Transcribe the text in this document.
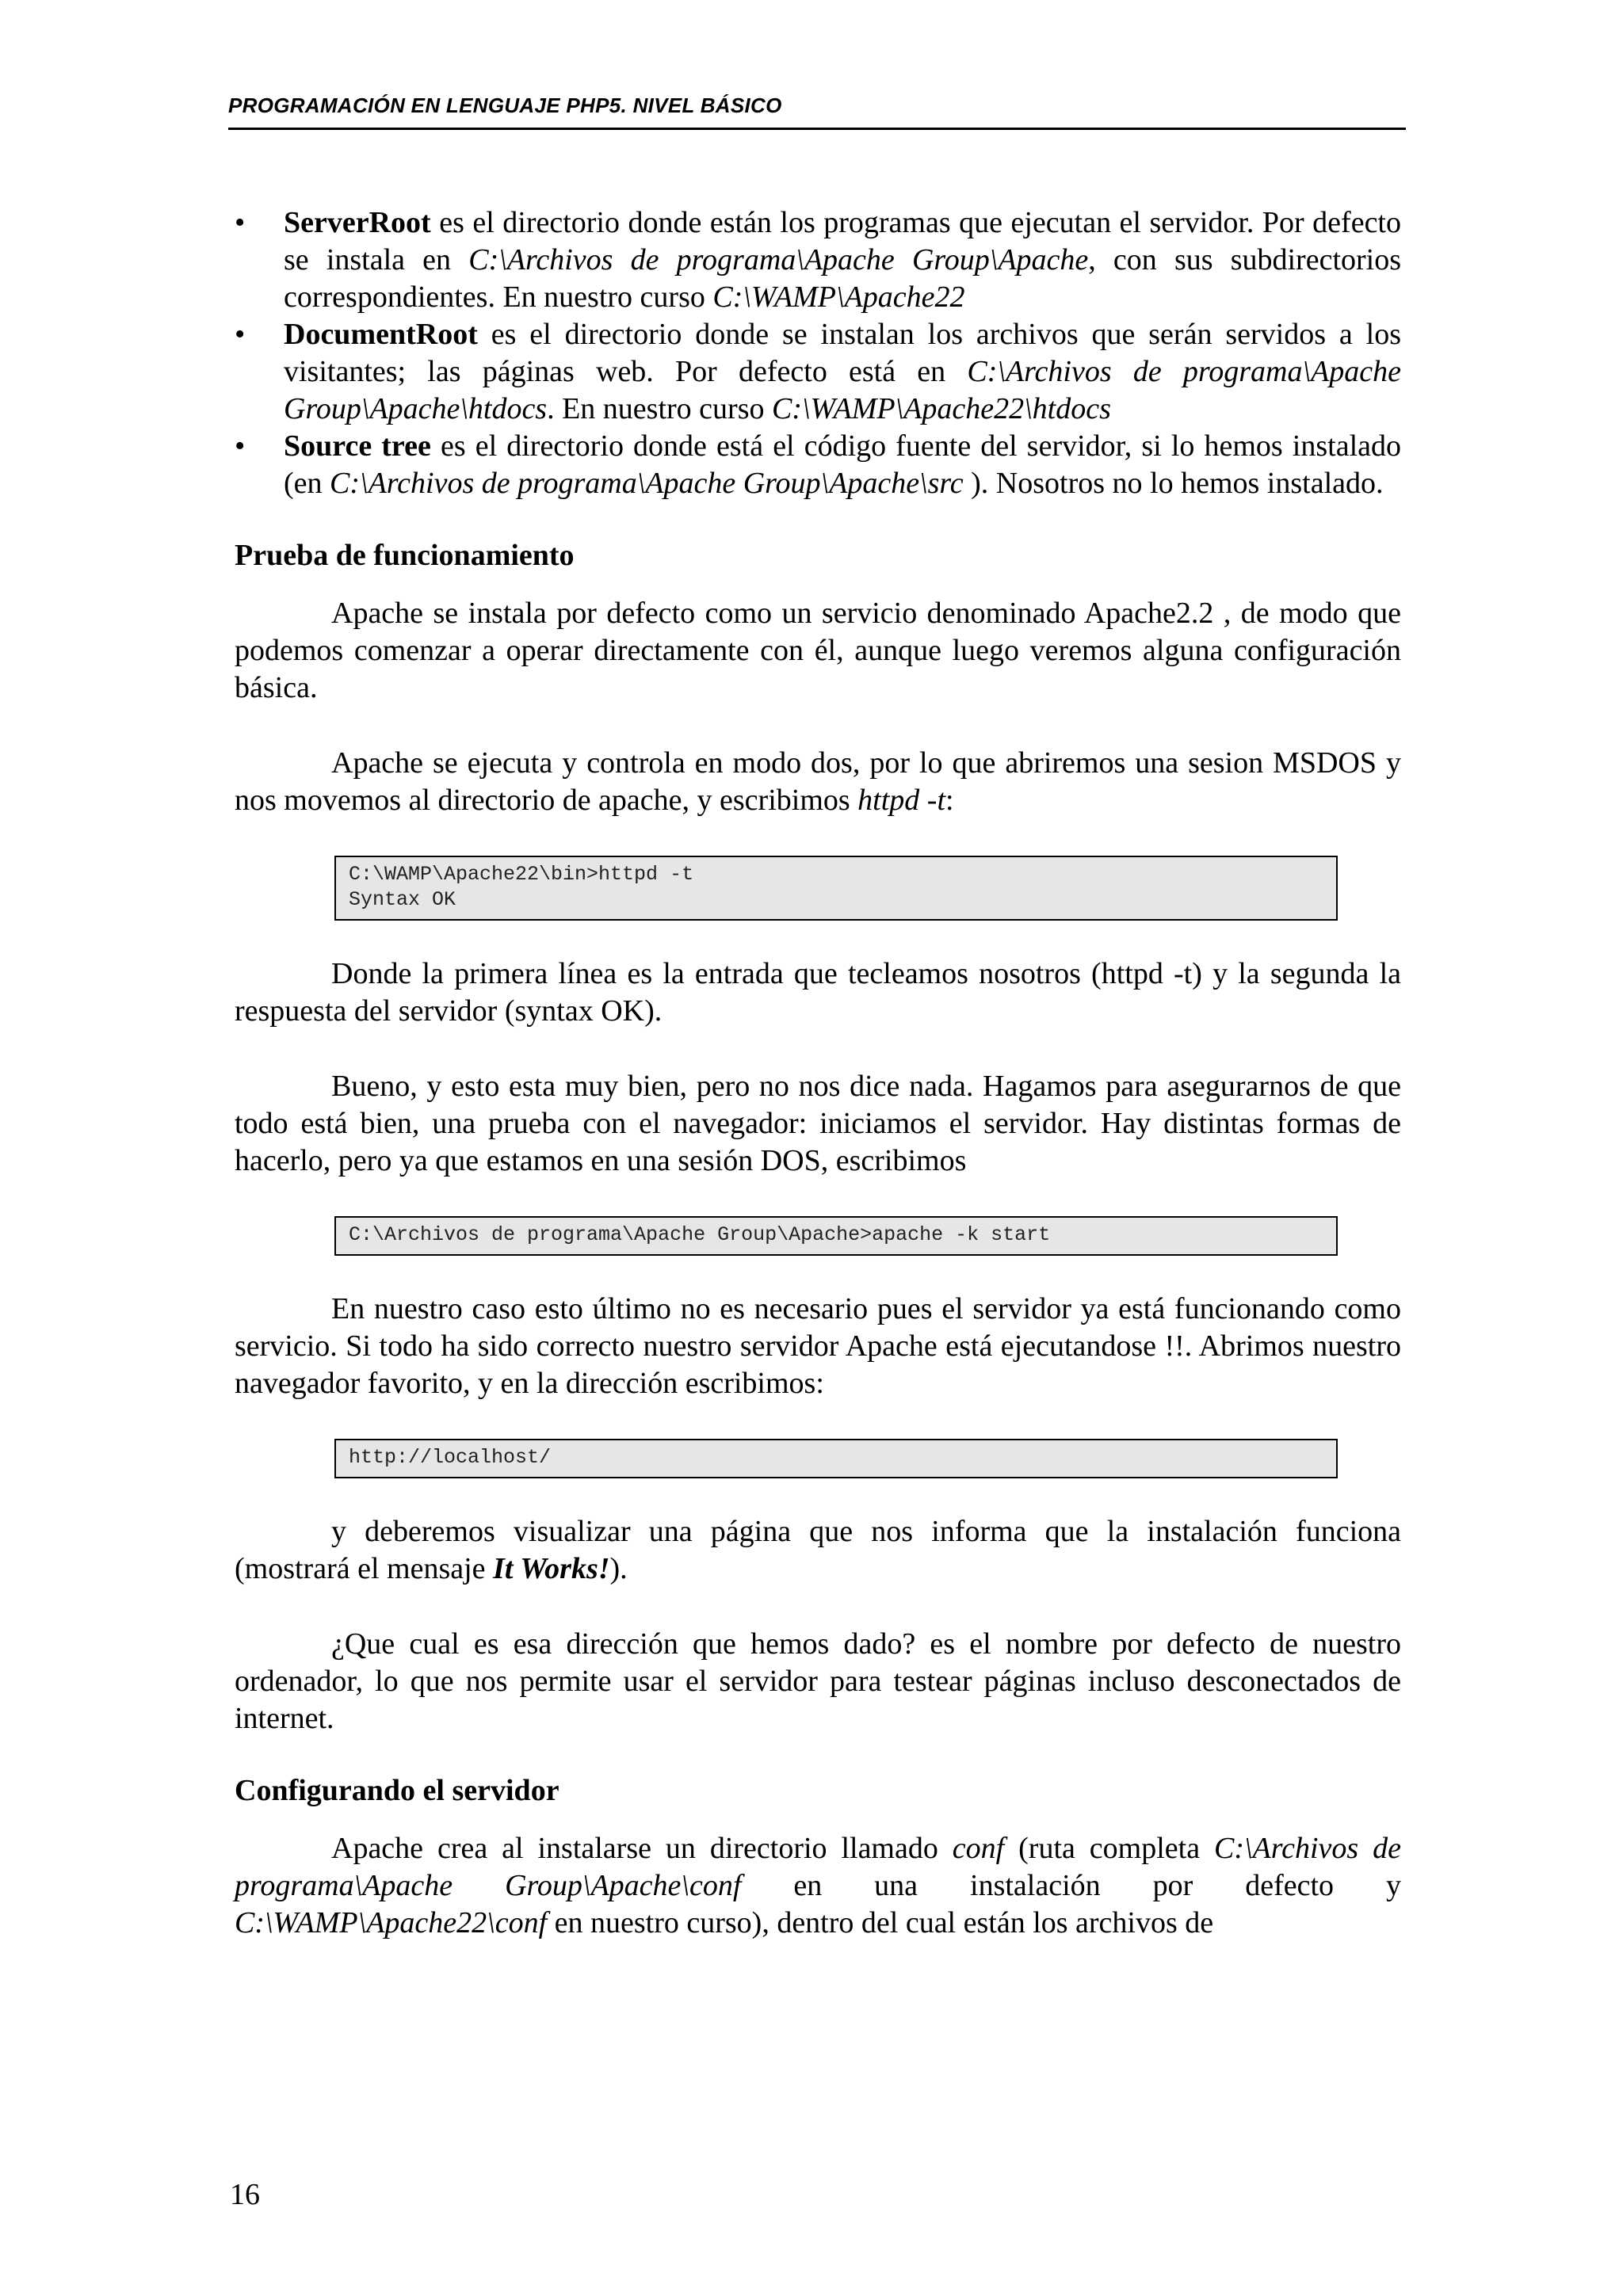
PROGRAMACIÓN EN LENGUAJE PHP5. NIVEL BÁSICO
•	ServerRoot es el directorio donde están los programas que ejecutan el servidor. Por defecto se instala en C:\Archivos de programa\Apache Group\Apache, con sus subdirectorios correspondientes. En nuestro curso C:\WAMP\Apache22
•	DocumentRoot es el directorio donde se instalan los archivos que serán servidos a los visitantes; las páginas web. Por defecto está en C:\Archivos de programa\Apache Group\Apache\htdocs. En nuestro curso C:\WAMP\Apache22\htdocs
•	Source tree es el directorio donde está el código fuente del servidor, si lo hemos instalado (en C:\Archivos de programa\Apache Group\Apache\src ). Nosotros no lo hemos instalado.

Prueba de funcionamiento

Apache se instala por defecto como un servicio denominado Apache2.2 , de modo que podemos comenzar a operar directamente con él, aunque luego veremos alguna configuración básica.

Apache se ejecuta y controla en modo dos, por lo que abriremos una sesion MSDOS y nos movemos al directorio de apache, y escribimos httpd -t:

C:\WAMP\Apache22\bin>httpd -t
Syntax OK

Donde la primera línea es la entrada que tecleamos nosotros (httpd -t) y la segunda la respuesta del servidor (syntax OK).

Bueno, y esto esta muy bien, pero no nos dice nada. Hagamos para asegurarnos de que todo está bien, una prueba con el navegador: iniciamos el servidor. Hay distintas formas de hacerlo, pero ya que estamos en una sesión DOS, escribimos

C:\Archivos de programa\Apache Group\Apache>apache -k start

En nuestro caso esto último no es necesario pues el servidor ya está funcionando como servicio. Si todo ha sido correcto nuestro servidor Apache está ejecutandose !!. Abrimos nuestro navegador favorito, y en la dirección escribimos:

http://localhost/

y deberemos visualizar una página que nos informa que la instalación funciona (mostrará el mensaje It Works!).

¿Que cual es esa dirección que hemos dado? es el nombre por defecto de nuestro ordenador, lo que nos permite usar el servidor para testear páginas incluso desconectados de internet.

Configurando el servidor

Apache crea al instalarse un directorio llamado conf (ruta completa C:\Archivos de programa\Apache Group\Apache\conf en una instalación por defecto y C:\WAMP\Apache22\conf en nuestro curso), dentro del cual están los archivos de

16
